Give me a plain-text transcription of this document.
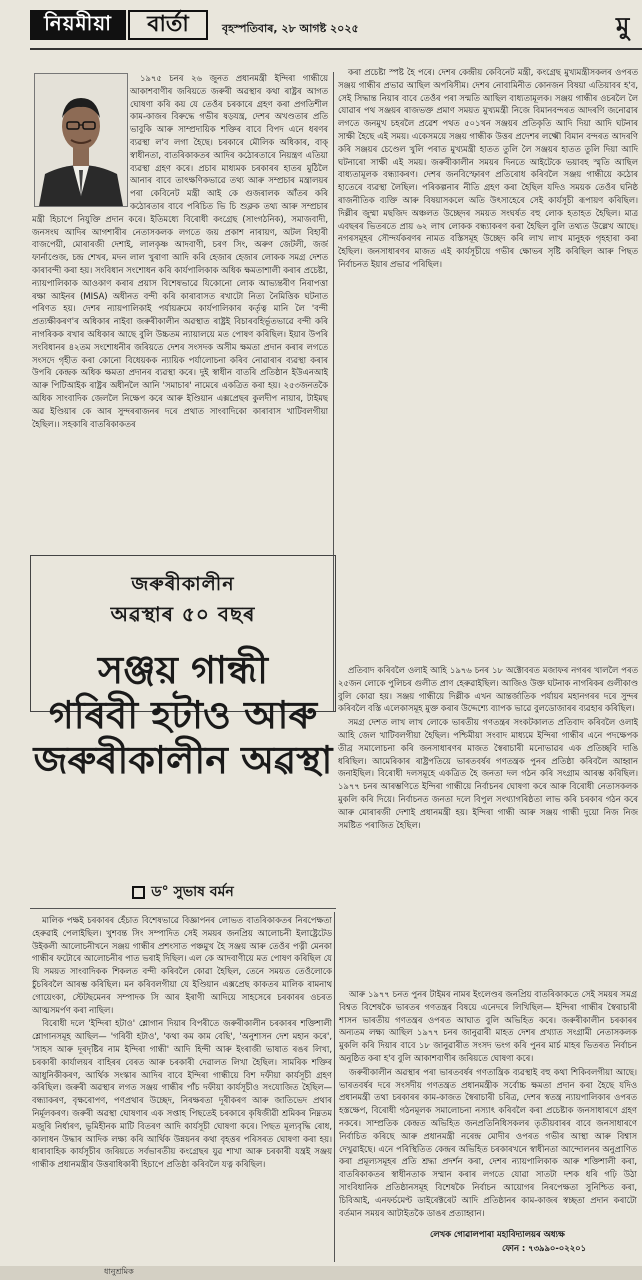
নিয়মীয়া	বার্তা	বৃহস্পতিবাৰ, ২৮ আগষ্ট ২০২৫	মু

১৯৭৫ চনৰ ২৬ জুনত প্ৰধানমন্ত্ৰী ইন্দিৰা গান্ধীয়ে আকাশবাণীৰ জৰিয়তে জৰুৰী অৱস্থাৰ কথা ৰাষ্ট্ৰৰ আগত ঘোষণা কৰি কয় যে তেওঁৰ চৰকাৰে গ্ৰহণ কৰা প্ৰগতিশীল কাম-কাজৰ বিৰুদ্ধে গভীৰ ষড়যন্ত্ৰ, দেশৰ অখণ্ডতাৰ প্ৰতি ভাবুকি আৰু সাম্প্ৰদায়িক শক্তিৰ বাবে বিপদ এনে ধৰণৰ ব্যৱস্থা ল'ব লগা হৈছে। চৰকাৰে মৌলিক অধিকাৰ, বাক্ স্বাধীনতা, বাতৰিকাকতৰ আদিৰ কঠোৰতাৰে নিয়ন্ত্ৰণ এতিয়া ব্যৱস্থা গ্ৰহণ কৰে। প্ৰচাৰ মাধ্যমক চৰকাৰৰ হাতৰ মুঠিলৈ আনাৰ বাবে তাৎক্ষণিকভাৱে তথ্য আৰু সম্প্ৰচাৰ মন্ত্ৰালয়ৰ পৰা কেবিনেট মন্ত্ৰী আই কে গুজৰালক আঁতৰ কৰি কঠোৰতাৰ বাবে পৰিচিত ভি চি শুক্লক তথ্য আৰু সম্প্ৰচাৰ মন্ত্ৰী হিচাপে নিযুক্তি প্ৰদান কৰে। ইতিমধ্যে বিৰোধী কংগ্ৰেছ (সাংগঠনিক), সমাজবাদী, জনসংঘ আদিৰ আগশাৰীৰ নেতাসকলক লগতে জয় প্ৰকাশ নাৰায়ণ, অটল বিহাৰী বাজপেয়ী, মোৰাৰজী দেশাই, লালকৃষ্ণ আদবাণী, চৰণ সিং, অৰুণ জেটলী, জৰ্জ ফাৰ্নাণ্ডেজ, চন্দ্ৰ শেখৰ, মদন লাল খুৰাণা আদি কৰি হেজাৰ হেজাৰ লোকক সমগ্ৰ দেশত কাৰাবন্দী কৰা হয়। সংবিধান সংশোধন কৰি কাৰ্যপালিকাক অধিক ক্ষমতাশালী কৰাৰ প্ৰচেষ্টা, ন্যায়পালিকাক আওকাণ কৰাৰ প্ৰয়াস বিশেষভাৱে যিকোনো লোক আভ্যন্তৰীণ নিৰাপত্তা ৰক্ষা আইনৰ (MISA) অধীনত বন্দী কৰি কাৰাবাসত ৰখাটো নিত্য নৈমিত্তিক ঘটনাত পৰিণত হয়। দেশৰ ন্যায়পালিকাই পৰ্যায়ক্ৰমে কাৰ্যপালিকাৰ কৰ্তৃত্ব মানি লৈ 'বন্দী প্ৰত্যক্ষীকৰণ'ৰ অধিকাৰ নাইবা জৰুৰীকালীন অৱস্থাত ৰাষ্ট্ৰই বিচাৰবহিৰ্ভূতভাৱে বন্দী কৰি নাগৰিকক ৰখাৰ অধিকাৰ আছে বুলি উচ্চতম ন্যায়ালয়ে মত পোষণ কৰিছিল। ইয়াৰ উপৰি সংবিধানৰ ৪২তম সংশোধনীৰ জৰিয়তে দেশৰ সংসদক অসীম ক্ষমতা প্ৰদান কৰাৰ লগতে সংসদে গৃহীত কৰা কোনো বিধেয়কক ন্যায়িক পৰ্যালোচনা কৰিব নোৱাৰাৰ ব্যৱস্থা কৰাৰ উপৰি কেন্দ্ৰক অধিক ক্ষমতা প্ৰদানৰ ব্যৱস্থা কৰে। দুই স্বাধীন বাতৰি প্ৰতিষ্ঠান ইউএনআই আৰু পিটিআইক ৰাষ্ট্ৰৰ অধীনলৈ আনি 'সমাচাৰ' নামেৰে একত্ৰিত কৰা হয়। ২৫৩জনতকৈ অধিক সাংবাদিক জেললৈ নিক্ষেপ কৰে আৰু ইণ্ডিয়ান এক্সপ্ৰেছৰ কুলদীপ নায়াৰ, টাইমছ অৱ ইণ্ডিয়াৰ কে আৰ সুন্দৰৰাজনৰ দৰে প্ৰথাত সাংবাদিকো কাৰাবাস খাটিবলগীয়া হৈছিল।। সহকাৰি বাতৰিকাকতৰ

কৰা প্ৰচেষ্টা স্পষ্ট হৈ পৰে। দেশৰ কেন্দ্ৰীয় কেবিনেট মন্ত্ৰী, কংগ্ৰেছ মুখ্যমন্ত্ৰীসকলৰ ওপৰত সঞ্জয় গান্ধীৰ প্ৰভাৱ আছিল অপৰিসীম। দেশৰ নোবামিনীত কোনজন বিষয়া এতিয়াবৰ হ'ব, সেই সিদ্ধান্ত নিয়াৰ বাবে তেওঁৰ পৰা সন্মতি আছিল বাধ্যতামূলক। সঞ্জয় গান্ধীৰ ওচৰলৈ লৈ যোৱাৰ পথ সঞ্জয়ৰ ৰাজভক্ত প্ৰমাণ সময়ত মুখ্যমন্ত্ৰী নিজে বিমানবন্দৰত আদৰণি জনোৱাৰ লগতে জনমুখ চহৰলৈ প্ৰৱেশ পথত ৫০১খন সঞ্জয়ৰ প্ৰতিকৃতি আদি দিয়া আদি ঘটনাৰ সাক্ষী হৈছে এই সময়। একেসময়ে সঞ্জয় গান্ধীক উত্তৰ প্ৰদেশৰ লক্ষ্মৌ বিমান বন্দৰত আদৰণি কৰি সঞ্জয়ৰ চেণ্ডেল খুলি পৰাত মুখ্যমন্ত্ৰী হাতত তুলি লৈ সঞ্জয়ৰ হাতত তুলি দিয়া আদি ঘটনাৰো সাক্ষী এই সময়। জৰুৰীকালীন সময়ৰ দিনতে আইটেকে ভয়াবহ স্মৃতি আছিল বাধ্যতামূলক বন্ধ্যাকৰণ। দেশৰ জনবিস্ফোৰণ প্ৰতিৰোধ কৰিবলৈ সঞ্জয় গান্ধীয়ে কঠোৰ হাতেৰে ব্যৱস্থা লৈছিল। পৰিকল্পনাৰ নীতি গ্ৰহণ কৰা হৈছিল যদিও সময়ক তেওঁৰ ঘনিষ্ঠ ৰাজনীতিক ব্যক্তি আৰু বিষয়াসকলে অতি উৎসাহেৰে সেই কাৰ্যসূচী ৰূপায়ণ কৰিছিল। দিল্লীৰ জুম্মা মছজিদ অঞ্চলত উচ্ছেদৰ সময়ত সংঘৰ্ষত বহু লোক হতাহত হৈছিল। মাত্ৰ এবছৰৰ ভিতৰতে প্ৰায় ৬২ লাখ লোকক বন্ধ্যাকৰণ কৰা হৈছিল বুলি তথ্যত উল্লেখ আছে। নগৰসমূহৰ সৌন্দৰ্যকৰণৰ নামত বস্তিসমূহ উচ্ছেদ কৰি লাখ লাখ মানুহক গৃহহাৰা কৰা হৈছিল। জনসাধাৰণৰ মাজত এই কাৰ্যসূচীয়ে গভীৰ ক্ষোভৰ সৃষ্টি কৰিছিল আৰু পিছত নিৰ্বাচনত ইয়াৰ প্ৰভাৱ পৰিছিল।

জৰুৰীকালীন
অৱস্থাৰ ৫০ বছৰ
সঞ্জয় গান্ধী
গৰিবী হটাও আৰু
জৰুৰীকালীন অৱস্থা
ড° সুভাষ বৰ্মন

প্ৰতিবাদ কৰিবলৈ ওলাই আহি ১৯৭৬ চনৰ ১৮ অক্টোবৰত মজাফৰ নগৰৰ খাললৈ পৰত ২৫জন লোকে পুলিচৰ গুলীত প্ৰাণ হেৰুৱাইছিল। আজিও উক্ত ঘটনাক নাগৰিকৰ গুলীকাণ্ড বুলি কোৱা হয়। সঞ্জয় গান্ধীয়ে দিল্লীক এখন আন্তৰ্জাতিক পৰ্যায়ৰ মহানগৰৰ দৰে সুন্দৰ কৰিবলৈ বস্তি এলেকাসমূহ মুক্ত কৰাৰ উদ্দেশ্যে ব্যাপক ভাৱে বুলডোজাৰৰ ব্যৱহাৰ কৰিছিল।

সমগ্ৰ দেশত লাখ লাখ লোকে ভাৰতীয় গণতন্ত্ৰৰ সংকটকালত প্ৰতিবাদ কৰিবলৈ ওলাই আহি জেল খাটিবলগীয়া হৈছিল। পশ্চিমীয়া সংবাদ মাধ্যমে ইন্দিৰা গান্ধীৰ এনে পদক্ষেপক তীব্ৰ সমালোচনা কৰি জনসাধাৰণৰ মাজত স্বৈৰাচাৰী মনোভাৱৰ এক প্ৰতিচ্ছবি দাঙি ধৰিছিল। আমেৰিকাৰ ৰাষ্ট্ৰপতিয়ে ভাৰতবৰ্ষৰ গণতন্ত্ৰক পুনৰ প্ৰতিষ্ঠা কৰিবলৈ আহ্বান জনাইছিল। বিৰোধী দলসমূহে একত্ৰিত হৈ জনতা দল গঠন কৰি সংগ্ৰাম আৰম্ভ কৰিছিল। ১৯৭৭ চনৰ আৰম্ভণিতে ইন্দিৰা গান্ধীয়ে নিৰ্বাচনৰ ঘোষণা কৰে আৰু বিৰোধী নেতাসকলক মুকলি কৰি দিয়ে। নিৰ্বাচনত জনতা দলে বিপুল সংখ্যাগৰিষ্ঠতা লাভ কৰি চৰকাৰ গঠন কৰে আৰু মোৰাৰজী দেশাই প্ৰধানমন্ত্ৰী হয়। ইন্দিৰা গান্ধী আৰু সঞ্জয় গান্ধী দুয়ো নিজ নিজ সমষ্টিত পৰাজিত হৈছিল।

মালিক পক্ষই চৰকাৰৰ হেঁচাত বিশেষভাৱে বিজ্ঞাপনৰ লোভত বাতৰিকাকতৰ নিৰপেক্ষতা হেৰুৱাই পেলাইছিল। খুশবন্ত সিং সম্পাদিত সেই সময়ৰ জনপ্ৰিয় আলোচনী ইলাষ্ট্ৰেটেড উইকলী আলোচনীখনে সঞ্জয় গান্ধীৰ প্ৰশংসাত পঞ্চমুখ হৈ সঞ্জয় আৰু তেওঁৰ পত্নী মেনকা গান্ধীৰ ফটোৰে আলোচনীৰ পাত ভৰাই দিছিল। এল কে আদবাণীয়ে মত পোষণ কৰিছিল যে যি সময়ত সাংবাদিকক শিকলত বন্দী কৰিবলৈ কোৱা হৈছিল, তেনে সময়ত তেওঁলোকে চুঁচৰিবলৈ আৰম্ভ কৰিছিল। মন কৰিবলগীয়া যে ইণ্ডিয়ান এক্সপ্ৰেছ কাকতৰ মালিক ৰামনাথ গোয়েংকা, স্টেটছমেনৰ সম্পাদক সি আৰ ইৰাণী আদিয়ে সাহসেৰে চৰকাৰৰ ওচৰত আত্মসমৰ্পণ কৰা নাছিল।

বিৰোধী দলে 'ইন্দিৰা হটাও' শ্লোগান দিয়াৰ বিপৰীতে জৰুৰীকালীন চৰকাৰৰ শক্তিশালী শ্লোগানসমূহ আছিল— 'গৰিবী হটাও', 'কথা কম কাম বেছি', 'অনুশাসন দেশ মহান কৰে', 'সাহস আৰু দূৰদৃষ্টিৰ নাম ইন্দিৰা গান্ধী' আদি হিন্দী আৰু ইংৰাজী ভাষাত ৰঙৰ লিখা, চৰকাৰী কাৰ্যালয়ৰ বাহিৰৰ বেৰত আৰু চৰকাৰী দেৱালত লিখা হৈছিল। সামৰিক শক্তিৰ আধুনিকীকৰণ, আৰ্থিক সংস্কাৰ আদিৰ বাবে ইন্দিৰা গান্ধীয়ে বিশ দফীয়া কাৰ্যসূচী গ্ৰহণ কৰিছিল। জৰুৰী অৱস্থাৰ লগত সঞ্জয় গান্ধীৰ পাঁচ দফীয়া কাৰ্যসূচীও সংযোজিত হৈছিল— বন্ধ্যাকৰণ, বৃক্ষৰোপণ, পণপ্ৰথাৰ উচ্ছেদ, নিৰক্ষৰতা দূৰীকৰণ আৰু জাতিভেদ প্ৰথাৰ নিৰ্মূলকৰণ। জৰুৰী অৱস্থা ঘোষণাৰ এক সপ্তাহ পিছতেই চৰকাৰে কৃষিজীৱী শ্ৰমিকৰ নিম্নতম মজুৰি নিৰ্ধাৰণ, ভূমিহীনক মাটি বিতৰণ আদি কাৰ্যসূচী ঘোষণা কৰে। পিছত মূল্যবৃদ্ধি ৰোধ, কালাধন উদ্ধাৰ আদিক লক্ষ্য কৰি আৰ্থিক উন্নয়নৰ কথা বৃহত্তৰ পৰিসৰত ঘোষণা কৰা হয়। ধাৰাবাহিক কাৰ্যসূচীৰ জৰিয়তে সৰ্বভাৰতীয় কংগ্ৰেছৰ যুৱ শাখা আৰু চৰকাৰী যন্ত্ৰই সঞ্জয় গান্ধীক প্ৰধানমন্ত্ৰীৰ উত্তৰাধিকাৰী হিচাপে প্ৰতিষ্ঠা কৰিবলৈ যত্ন কৰিছিল।

আৰু ১৯৭৭ চনত পুনৰ টাইমৰ নামৰ ইংলেণ্ডৰ জনপ্ৰিয় বাতৰিকাকতে সেই সময়ৰ সমগ্ৰ বিশ্বত বিশেষকৈ ভাৰতৰ গণতন্ত্ৰৰ বিষয়ে এনেদৰে লিখিছিল— ইন্দিৰা গান্ধীৰ স্বৈৰাচাৰী শাসন ভাৰতীয় গণতন্ত্ৰৰ ওপৰত আঘাত বুলি অভিহিত কৰে। জৰুৰীকালীন চৰকাৰৰ অন্যতম লক্ষ্য আছিল ১৯৭৭ চনৰ জানুৱাৰী মাহত দেশৰ প্ৰখ্যাত সংগ্ৰামী নেতাসকলক মুকলি কৰি দিয়াৰ বাবে ১৮ জানুৱাৰীত সংসদ ভংগ কৰি পুনৰ মাৰ্চ মাহৰ ভিতৰত নিৰ্বাচন অনুষ্ঠিত কৰা হ'ব বুলি আকাশবাণীৰ জৰিয়তে ঘোষণা কৰে।

জৰুৰীকালীন অৱস্থাৰ পৰা ভাৰতবৰ্ষৰ গণতান্ত্ৰিক ব্যৱস্থাই বহু কথা শিকিবলগীয়া আছে। ভাৰতবৰ্ষৰ দৰে সংসদীয় গণতন্ত্ৰত প্ৰধানমন্ত্ৰীক সৰ্বোচ্চ ক্ষমতা প্ৰদান কৰা হৈছে যদিও প্ৰধানমন্ত্ৰী তথা চৰকাৰৰ কাম-কাজত স্বৈৰাচাৰী চৰিত্ৰ, দেশৰ স্বতন্ত্ৰ ন্যায়পালিকাৰ ওপৰত হস্তক্ষেপ, বিৰোধী গঠনমূলক সমালোচনা নস্যাৎ কৰিবলৈ কৰা প্ৰচেষ্টাক জনসাধাৰণে গ্ৰহণ নকৰে। সাম্প্ৰতিক কেন্দ্ৰত অভিহিত জনপ্ৰতিনিধিসকলৰ তৃতীয়বাৰৰ বাবে জনসাধাৰণে নিৰ্বাচিত কৰিছে আৰু প্ৰধানমন্ত্ৰী নৰেন্দ্ৰ মোদীৰ ওপৰত গভীৰ আস্থা আৰু বিশ্বাস দেখুৱাইছে। এনে পৰিস্থিতিত কেন্দ্ৰৰ অভিহিত চৰকাৰখনে স্বাধীনতা আন্দোলনৰ অনুপ্ৰাণিত কৰা প্ৰমূল্যসমূহৰ প্ৰতি শ্ৰদ্ধা প্ৰদৰ্শন কৰা, দেশৰ ন্যায়পালিকাক আৰু শক্তিশালী কৰা, বাতৰিকাকতৰ স্বাধীনতাক সম্মান কৰাৰ লগতে যোৱা সাতটা দশক ধৰি গঢ়ি উঠা সাংবিধানিক প্ৰতিষ্ঠানসমূহ বিশেষকৈ নিৰ্বাচন আয়োগৰ নিৰপেক্ষতা সুনিশ্চিত কৰা, চিবিআই, এনফৰ্চমেণ্ট ডাইৰেক্টৰেট আদি প্ৰতিষ্ঠানৰ কাম-কাজৰ স্বচ্ছতা প্ৰদান কৰাটো বৰ্তমান সময়ৰ আটাইতকৈ ডাঙৰ প্ৰত্যাহ্বান।

লেখক গোৱালপাৰা মহাবিদ্যালয়ৰ অধ্যক্ষ
ফোন : ৭৩৯৯০-০২২০১
ধানুশ্ৰমিক
